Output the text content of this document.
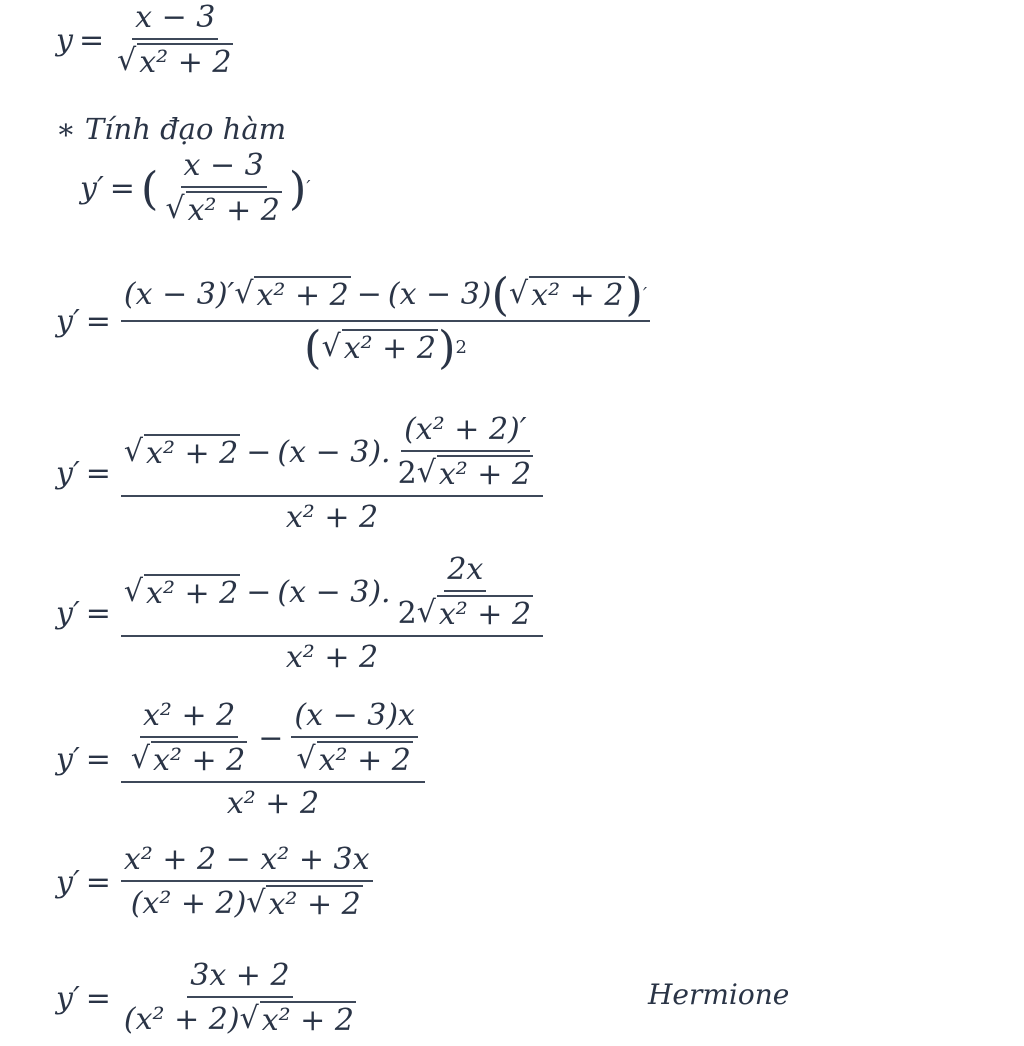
$y = \frac{x - 3}{\text{√ x² + 2}}$
∗ Tính đạo hàm
y′ = ( $\frac{x - 3}{\text{√ x² + 2}}$ ) ′
y′ =
(x − 3)′ √ x² + 2 − (x − 3) ( √ x² + 2 ) ′
( √ x² + 2 ) 2
y′ =
√ x² + 2 − (x − 3). $\frac{\text{(x² + 2)′}}{\text{2 √ x² + 2}}$
x² + 2
y′ =
√ x² + 2 − (x − 3). $\frac{2x}{\text{2 √ x² + 2}}$
x² + 2
$y' = \frac{\text{x² + 2}}{\text{√ x² + 2}} - \frac{(x - 3)x}{\text{√ x² + 2}}$
x² + 2
$y' = \frac{\text{x² + 2 − x² + 3x}}{\text{(x² + 2) √ x² + 2}}$
$y' = \frac{3x + 2}{\text{(x² + 2) √ x² + 2}}$	Hermione
